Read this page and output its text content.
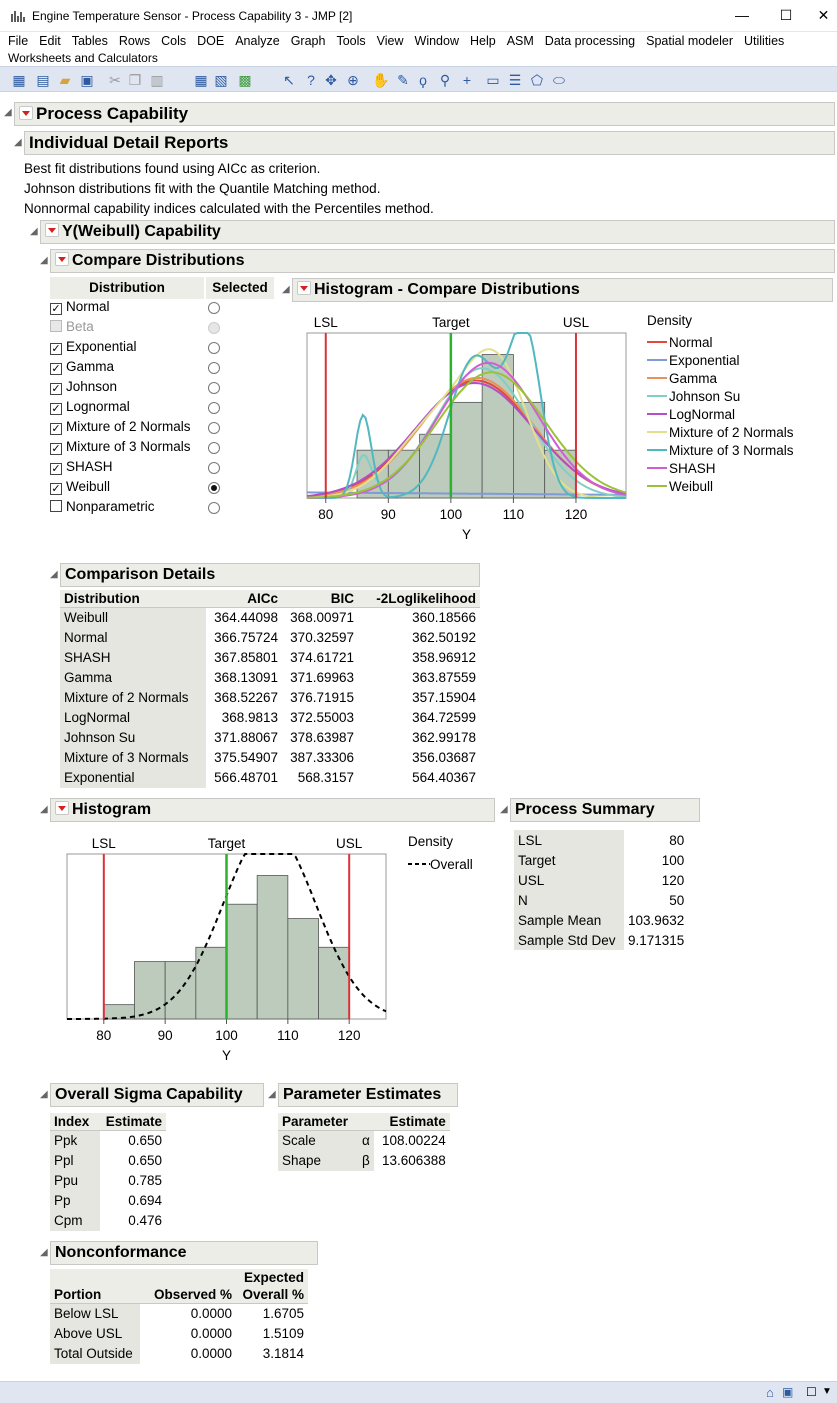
Engine Temperature Sensor - Process Capability 3 - JMP [2]	—	☐	✕
File Edit Tables Rows Cols DOE Analyze Graph Tools View Window Help ASM Data processing Spatial modeler Utilities
Worksheets and Calculators
▦ ▤ ▰ ▣ ✂ ❐ ▥ ▦ ▧ ▩ ↖ ? ✥ ⊕ ✋ ✎ ϙ ⚲ +	▭ ☰ ⬠ ⬭
◢	Process Capability
◢ Individual Detail Reports
Best fit distributions found using AICc as criterion.
Johnson distributions fit with the Quantile Matching method.
Nonnormal capability indices calculated with the Percentiles method.
◢	Y(Weibull) Capability
◢	Compare Distributions
Distribution	Selected
✓ Normal
Beta
✓ Exponential
✓ Gamma
✓ Johnson
✓ Lognormal
✓ Mixture of 2 Normals
✓ Mixture of 3 Normals
✓ SHASH
✓ Weibull
Nonparametric
◢	Histogram - Compare Distributions
LSL	Target	USL
80	90	100	110	120
Y
Density
Normal
Exponential
Gamma
Johnson Su
LogNormal
Mixture of 2 Normals
Mixture of 3 Normals
SHASH
Weibull
◢ Comparison Details
Distribution	AICc	BIC	-2Loglikelihood
Weibull	364.44098	368.00971	360.18566
Normal	366.75724	370.32597	362.50192
SHASH	367.85801	374.61721	358.96912
Gamma	368.13091	371.69963	363.87559
Mixture of 2 Normals	368.52267	376.71915	357.15904
LogNormal	368.9813	372.55003	364.72599
Johnson Su	371.88067	378.63987	362.99178
Mixture of 3 Normals	375.54907	387.33306	356.03687
Exponential	566.48701	568.3157	564.40367
◢	Histogram
LSL	Target	USL
80	90	100	110	120
Y
Density
Overall
◢ Process Summary
LSL	80
Target	100
USL	120
N	50
Sample Mean	103.9632
Sample Std Dev	9.171315
◢ Overall Sigma Capability
Index	Estimate
Ppk	0.650
Ppl	0.650
Ppu	0.785
Pp	0.694
Cpm	0.476
◢ Parameter Estimates
Parameter		Estimate
Scale	α	108.00224
Shape	β	13.606388
◢ Nonconformance
		Expected
Portion	Observed %	Overall %
Below LSL	0.0000	1.6705
Above USL	0.0000	1.5109
Total Outside	0.0000	3.1814
⌂ ▣ ☐ ▼
